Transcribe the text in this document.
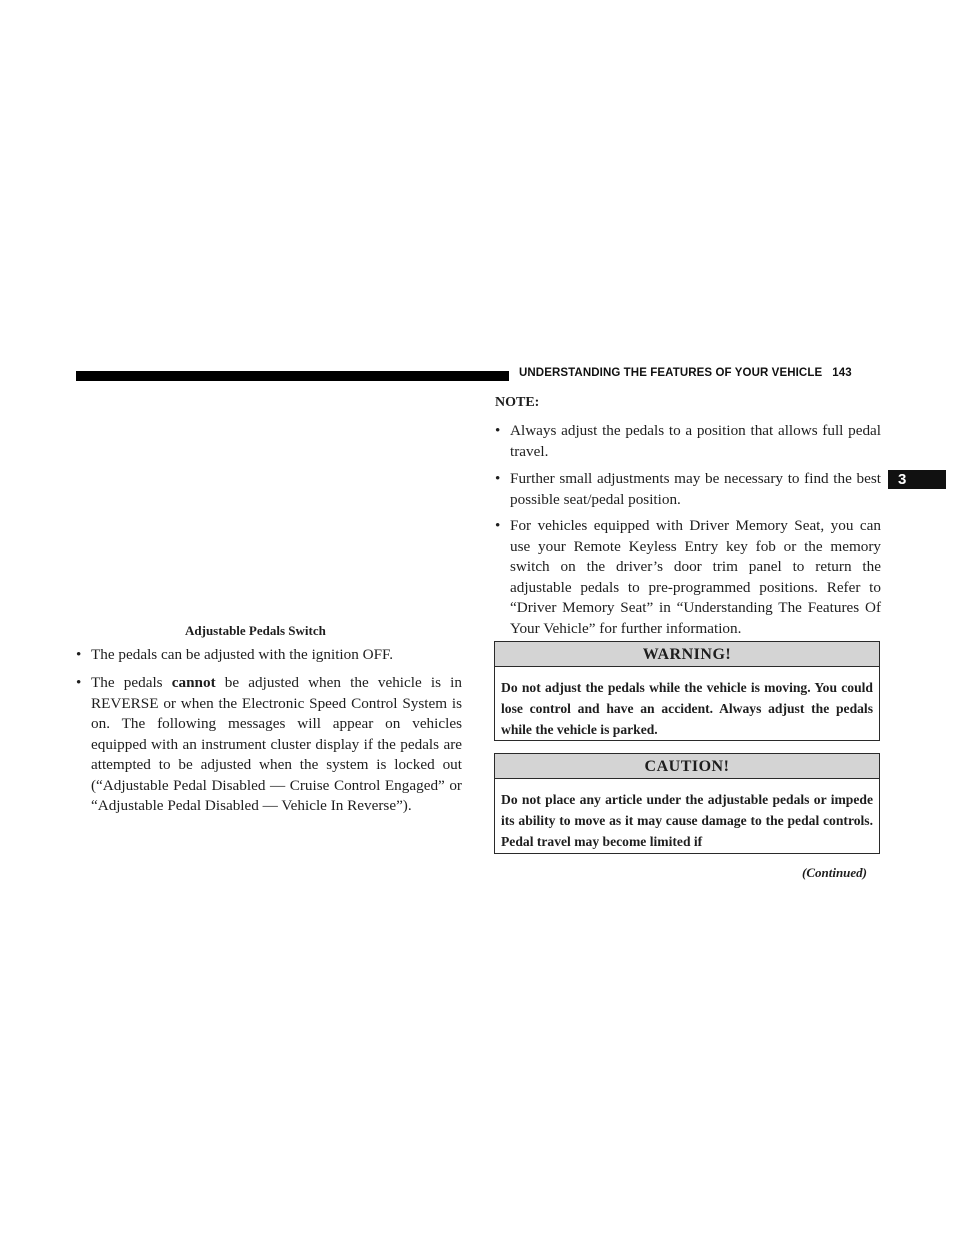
UNDERSTANDING THE FEATURES OF YOUR VEHICLE 143
3
Adjustable Pedals Switch
• The pedals can be adjusted with the ignition OFF.
• The pedals cannot be adjusted when the vehicle is in REVERSE or when the Electronic Speed Control System is on. The following messages will appear on vehicles equipped with an instrument cluster display if the pedals are attempted to be adjusted when the system is locked out (“Adjustable Pedal Disabled — Cruise Control Engaged” or “Adjustable Pedal Disabled — Vehicle In Reverse”).
NOTE:
• Always adjust the pedals to a position that allows full pedal travel.
• Further small adjustments may be necessary to find the best possible seat/pedal position.
• For vehicles equipped with Driver Memory Seat, you can use your Remote Keyless Entry key fob or the memory switch on the driver’s door trim panel to return the adjustable pedals to pre-programmed positions. Refer to “Driver Memory Seat” in “Understanding The Features Of Your Vehicle” for further information.
WARNING!
Do not adjust the pedals while the vehicle is moving. You could lose control and have an accident. Always adjust the pedals while the vehicle is parked.
CAUTION!
Do not place any article under the adjustable pedals or impede its ability to move as it may cause damage to the pedal controls. Pedal travel may become limited if
(Continued)
